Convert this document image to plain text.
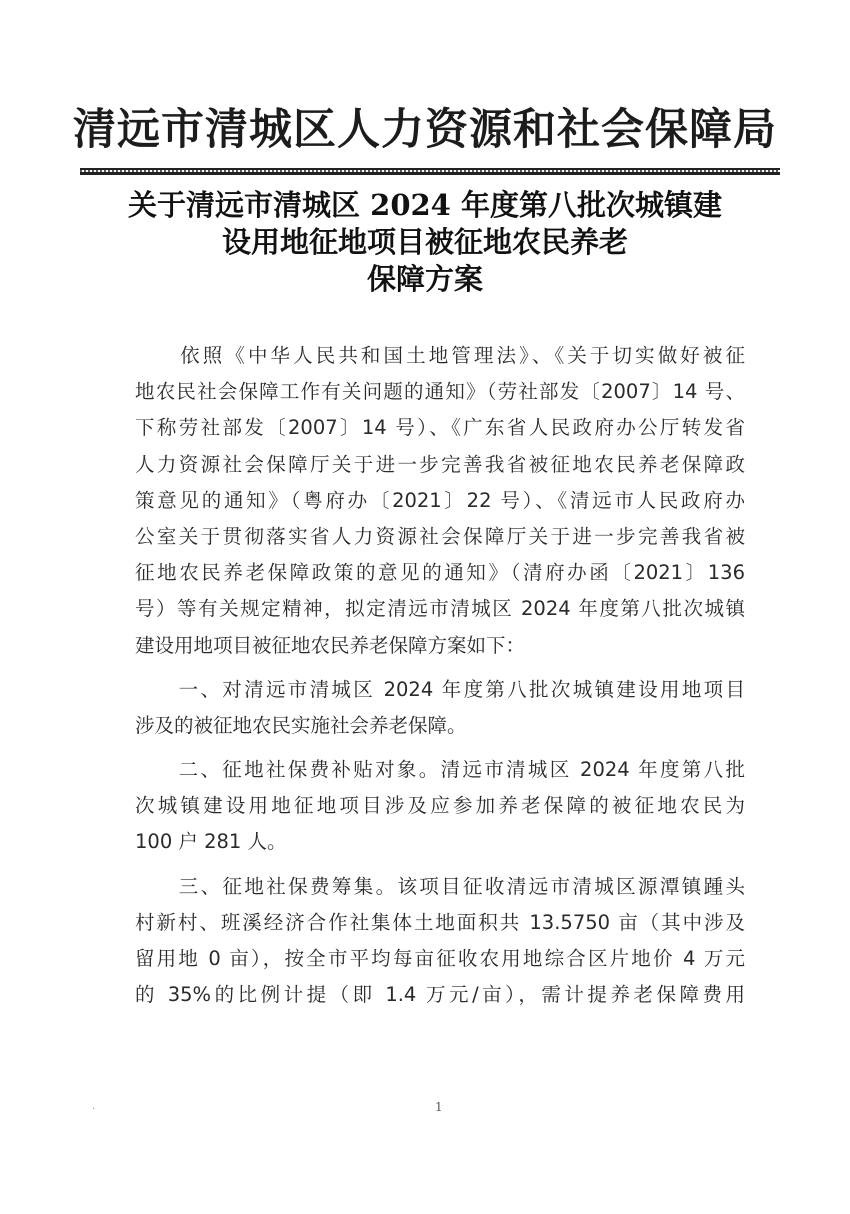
清远市清城区人力资源和社会保障局
关于清远市清城区 2024 年度第八批次城镇建
设用地征地项目被征地农民养老
保障方案
　　依照《中华人民共和国土地管理法》、《关于切实做好被征
地农民社会保障工作有关问题的通知》（劳社部发〔2007〕14 号、
下称劳社部发〔2007〕14 号）、《广东省人民政府办公厅转发省
人力资源社会保障厅关于进一步完善我省被征地农民养老保障政
策意见的通知》（粤府办〔2021〕22 号）、《清远市人民政府办
公室关于贯彻落实省人力资源社会保障厅关于进一步完善我省被
征地农民养老保障政策的意见的通知》（清府办函〔2021〕136
号）等有关规定精神，拟定清远市清城区 2024 年度第八批次城镇
建设用地项目被征地农民养老保障方案如下：
　　一、对清远市清城区 2024 年度第八批次城镇建设用地项目
涉及的被征地农民实施社会养老保障。
　　二、征地社保费补贴对象。清远市清城区 2024 年度第八批
次城镇建设用地征地项目涉及应参加养老保障的被征地农民为
100 户 281 人。
　　三、征地社保费筹集。该项目征收清远市清城区源潭镇踵头
村新村、班溪经济合作社集体土地面积共 13.5750 亩（其中涉及
留用地 0 亩），按全市平均每亩征收农用地综合区片地价 4 万元
的 35%的比例计提（即 1.4 万元/亩），需计提养老保障费用
·	1
